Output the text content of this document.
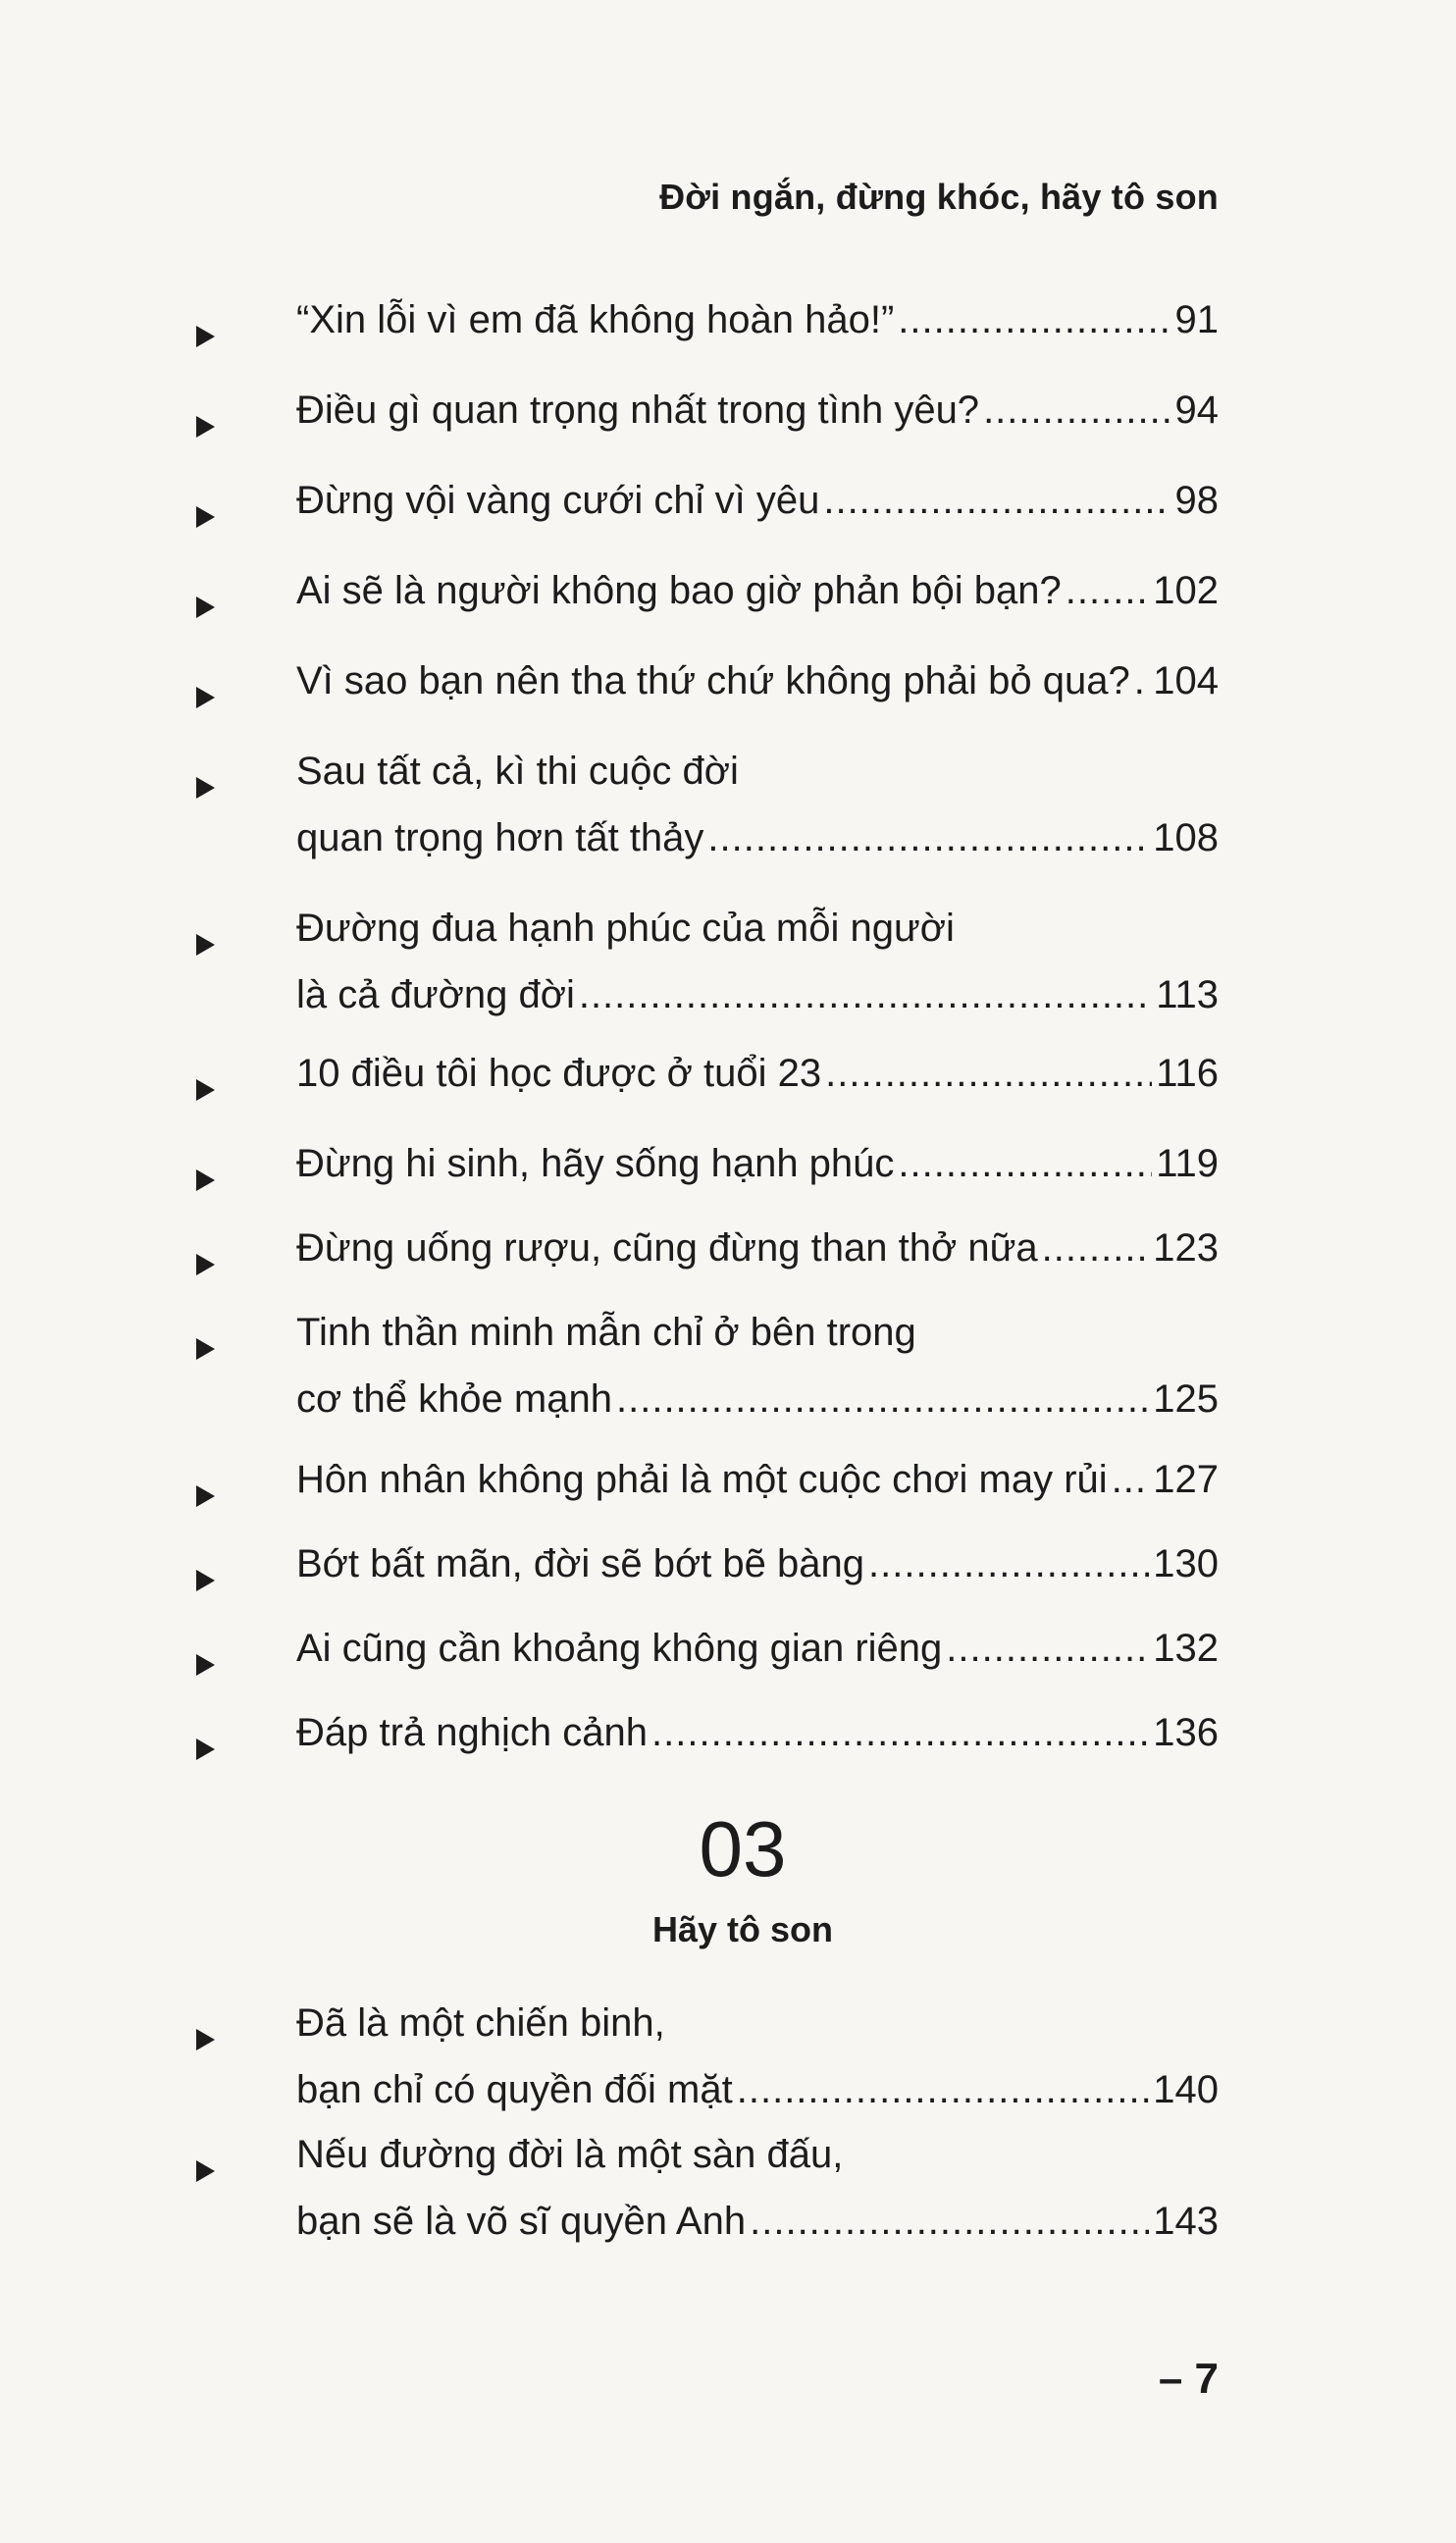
Đời ngắn, đừng khóc, hãy tô son
“Xin lỗi vì em đã không hoàn hảo!” .....	91
Điều gì quan trọng nhất trong tình yêu? .....	94
Đừng vội vàng cưới chỉ vì yêu .....	98
Ai sẽ là người không bao giờ phản bội bạn? ..... 102
Vì sao bạn nên tha thứ chứ không phải bỏ qua? ..... 104
Sau tất cả, kì thi cuộc đời
quan trọng hơn tất thảy .....	108
Đường đua hạnh phúc của mỗi người
là cả đường đời .....	113
10 điều tôi học được ở tuổi 23 .....	116
Đừng hi sinh, hãy sống hạnh phúc .....	119
Đừng uống rượu, cũng đừng than thở nữa .....	123
Tinh thần minh mẫn chỉ ở bên trong
cơ thể khỏe mạnh .....	125
Hôn nhân không phải là một cuộc chơi may rủi ..... 127
Bớt bất mãn, đời sẽ bớt bẽ bàng .....	130
Ai cũng cần khoảng không gian riêng .....	132
Đáp trả nghịch cảnh .....	136
03
Hãy tô son
Đã là một chiến binh,
bạn chỉ có quyền đối mặt .....	140
Nếu đường đời là một sàn đấu,
bạn sẽ là võ sĩ quyền Anh .....	143
– 7
